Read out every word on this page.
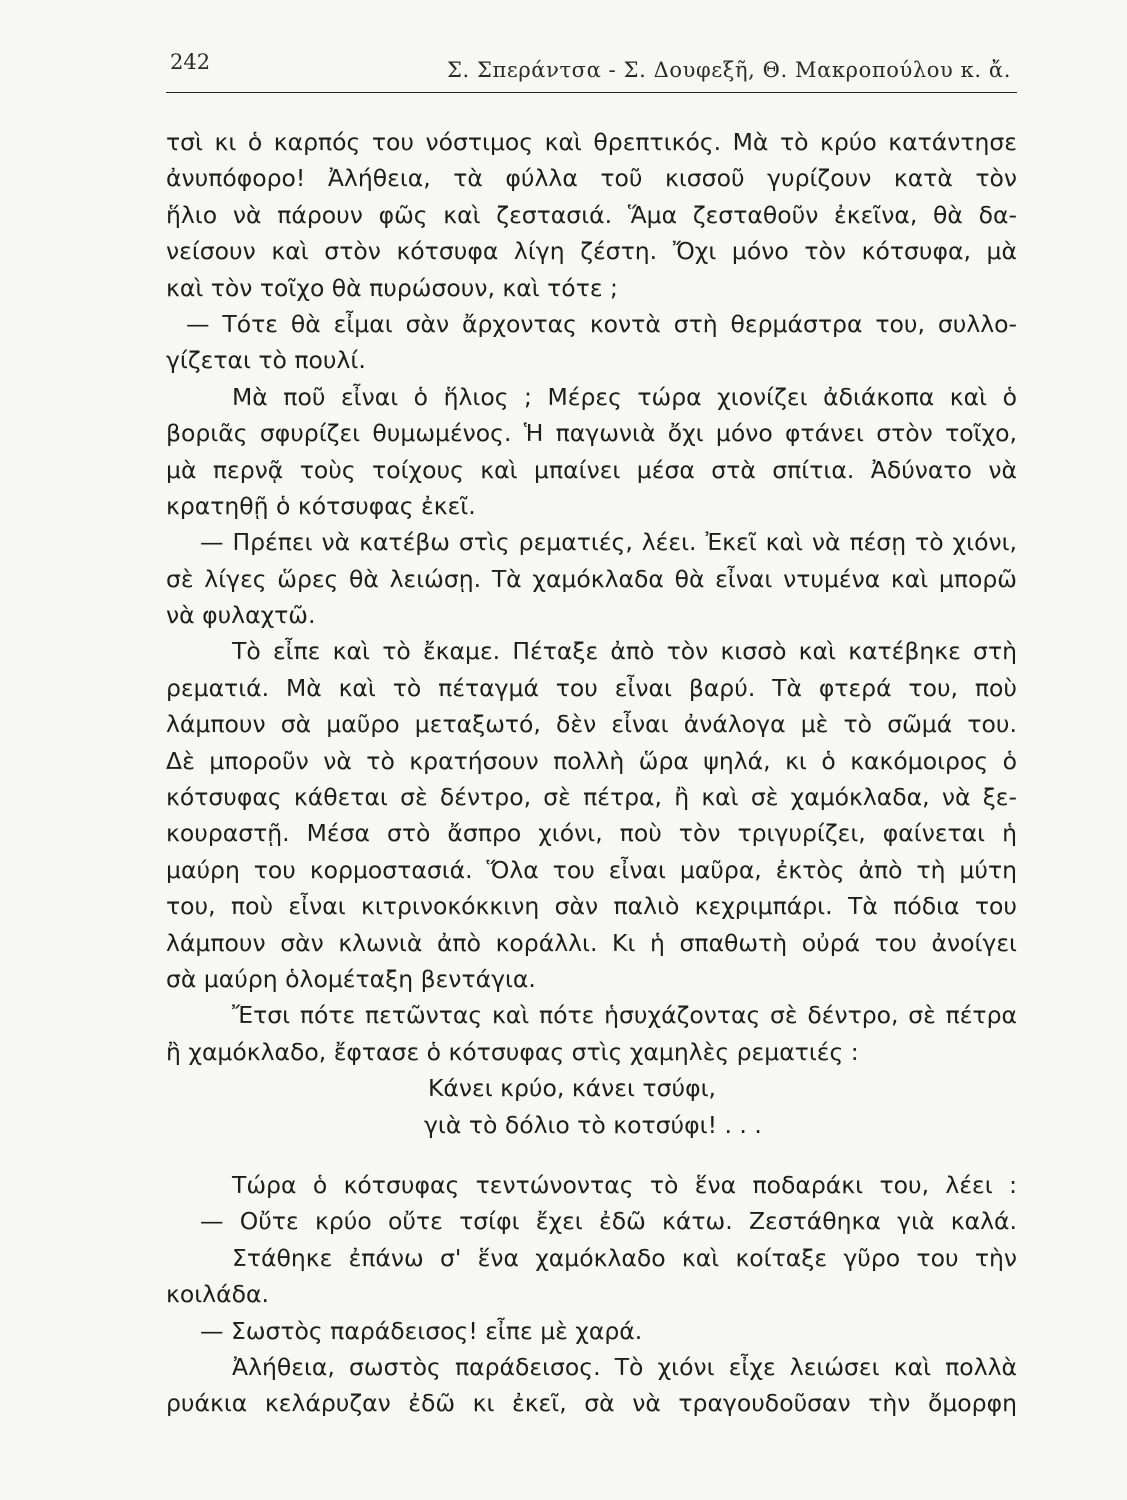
242	Σ. Σπεράντσα - Σ. Δουφεξῆ, Θ. Μακροπούλου κ. ἄ.
τσὶ κι ὁ καρπός του νόστιμος καὶ θρεπτικός. Μὰ τὸ κρύο κατάντησε
ἀνυπόφορο! Ἀλήθεια, τὰ φύλλα τοῦ κισσοῦ γυρίζουν κατὰ τὸν
ἥλιο νὰ πάρουν φῶς καὶ ζεστασιά. Ἅμα ζεσταθοῦν ἐκεῖνα, θὰ δα-
νείσουν καὶ στὸν κότσυφα λίγη ζέστη. Ὄχι μόνο τὸν κότσυφα, μὰ
καὶ τὸν τοῖχο θὰ πυρώσουν, καὶ τότε ;
— Τότε θὰ εἶμαι σὰν ἄρχοντας κοντὰ στὴ θερμάστρα του, συλλο-
γίζεται τὸ πουλί.
Μὰ ποῦ εἶναι ὁ ἥλιος ; Μέρες τώρα χιονίζει ἀδιάκοπα καὶ ὁ
βοριᾶς σφυρίζει θυμωμένος. Ἡ παγωνιὰ ὄχι μόνο φτάνει στὸν τοῖχο,
μὰ περνᾷ τοὺς τοίχους καὶ μπαίνει μέσα στὰ σπίτια. Ἀδύνατο νὰ
κρατηθῇ ὁ κότσυφας ἐκεῖ.
— Πρέπει νὰ κατέβω στὶς ρεματιές, λέει. Ἐκεῖ καὶ νὰ πέσῃ τὸ χιόνι,
σὲ λίγες ὥρες θὰ λειώσῃ. Τὰ χαμόκλαδα θὰ εἶναι ντυμένα καὶ μπορῶ
νὰ φυλαχτῶ.
Τὸ εἶπε καὶ τὸ ἔκαμε. Πέταξε ἀπὸ τὸν κισσὸ καὶ κατέβηκε στὴ
ρεματιά. Μὰ καὶ τὸ πέταγμά του εἶναι βαρύ. Τὰ φτερά του, ποὺ
λάμπουν σὰ μαῦρο μεταξωτό, δὲν εἶναι ἀνάλογα μὲ τὸ σῶμά του.
Δὲ μποροῦν νὰ τὸ κρατήσουν πολλὴ ὥρα ψηλά, κι ὁ κακόμοιρος ὁ
κότσυφας κάθεται σὲ δέντρο, σὲ πέτρα, ἢ καὶ σὲ χαμόκλαδα, νὰ ξε-
κουραστῇ. Μέσα στὸ ἄσπρο χιόνι, ποὺ τὸν τριγυρίζει, φαίνεται ἡ
μαύρη του κορμοστασιά. Ὅλα του εἶναι μαῦρα, ἐκτὸς ἀπὸ τὴ μύτη
του, ποὺ εἶναι κιτρινοκόκκινη σὰν παλιὸ κεχριμπάρι. Τὰ πόδια του
λάμπουν σὰν κλωνιὰ ἀπὸ κοράλλι. Κι ἡ σπαθωτὴ οὐρά του ἀνοίγει
σὰ μαύρη ὁλομέταξη βεντάγια.
Ἔτσι πότε πετῶντας καὶ πότε ἡσυχάζοντας σὲ δέντρο, σὲ πέτρα
ἢ χαμόκλαδο, ἔφτασε ὁ κότσυφας στὶς χαμηλὲς ρεματιές :
Κάνει κρύο, κάνει τσύφι,
γιὰ τὸ δόλιο τὸ κοτσύφι! . . .
Τώρα ὁ κότσυφας τεντώνοντας τὸ ἕνα ποδαράκι του, λέει :
— Οὔτε κρύο οὔτε τσίφι ἔχει ἐδῶ κάτω. Ζεστάθηκα γιὰ καλά.
Στάθηκε ἐπάνω σ' ἕνα χαμόκλαδο καὶ κοίταξε γῦρο του τὴν
κοιλάδα.
— Σωστὸς παράδεισος! εἶπε μὲ χαρά.
Ἀλήθεια, σωστὸς παράδεισος. Τὸ χιόνι εἶχε λειώσει καὶ πολλὰ
ρυάκια κελάρυζαν ἐδῶ κι ἐκεῖ, σὰ νὰ τραγουδοῦσαν τὴν ὄμορφη
